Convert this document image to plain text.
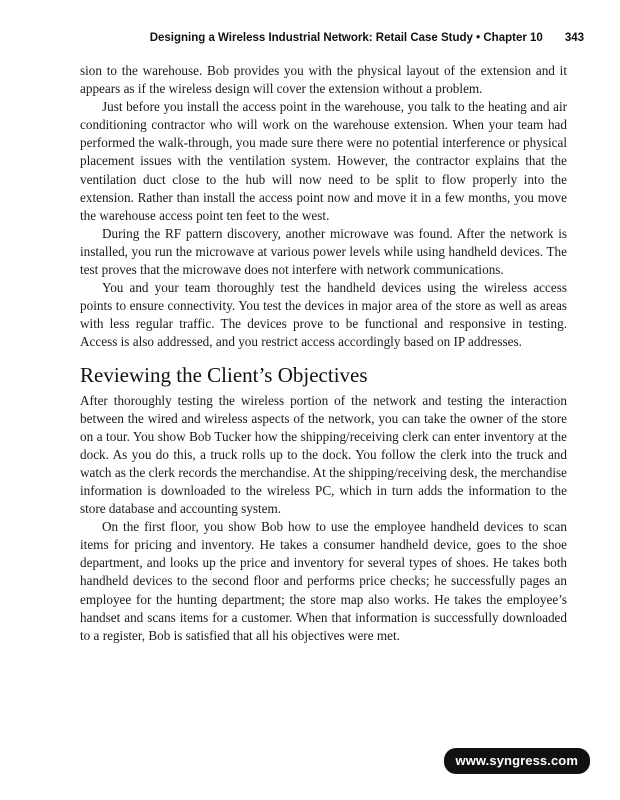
Designing a Wireless Industrial Network: Retail Case Study • Chapter 10 343

sion to the warehouse. Bob provides you with the physical layout of the extension and it appears as if the wireless design will cover the extension without a problem.

Just before you install the access point in the warehouse, you talk to the heating and air conditioning contractor who will work on the warehouse extension. When your team had performed the walk-through, you made sure there were no potential interference or physical placement issues with the ventilation system. However, the contractor explains that the ventilation duct close to the hub will now need to be split to flow properly into the extension. Rather than install the access point now and move it in a few months, you move the warehouse access point ten feet to the west.

During the RF pattern discovery, another microwave was found. After the network is installed, you run the microwave at various power levels while using handheld devices. The test proves that the microwave does not interfere with network communications.

You and your team thoroughly test the handheld devices using the wireless access points to ensure connectivity. You test the devices in major area of the store as well as areas with less regular traffic. The devices prove to be functional and responsive in testing. Access is also addressed, and you restrict access accordingly based on IP addresses.

Reviewing the Client’s Objectives

After thoroughly testing the wireless portion of the network and testing the interaction between the wired and wireless aspects of the network, you can take the owner of the store on a tour. You show Bob Tucker how the shipping/receiving clerk can enter inventory at the dock. As you do this, a truck rolls up to the dock. You follow the clerk into the truck and watch as the clerk records the merchandise. At the shipping/receiving desk, the merchandise information is downloaded to the wireless PC, which in turn adds the information to the store database and accounting system.

On the first floor, you show Bob how to use the employee handheld devices to scan items for pricing and inventory. He takes a consumer handheld device, goes to the shoe department, and looks up the price and inventory for several types of shoes. He takes both handheld devices to the second floor and performs price checks; he successfully pages an employee for the hunting department; the store map also works. He takes the employee’s handset and scans items for a customer. When that information is successfully downloaded to a register, Bob is satisfied that all his objectives were met.

www.syngress.com
